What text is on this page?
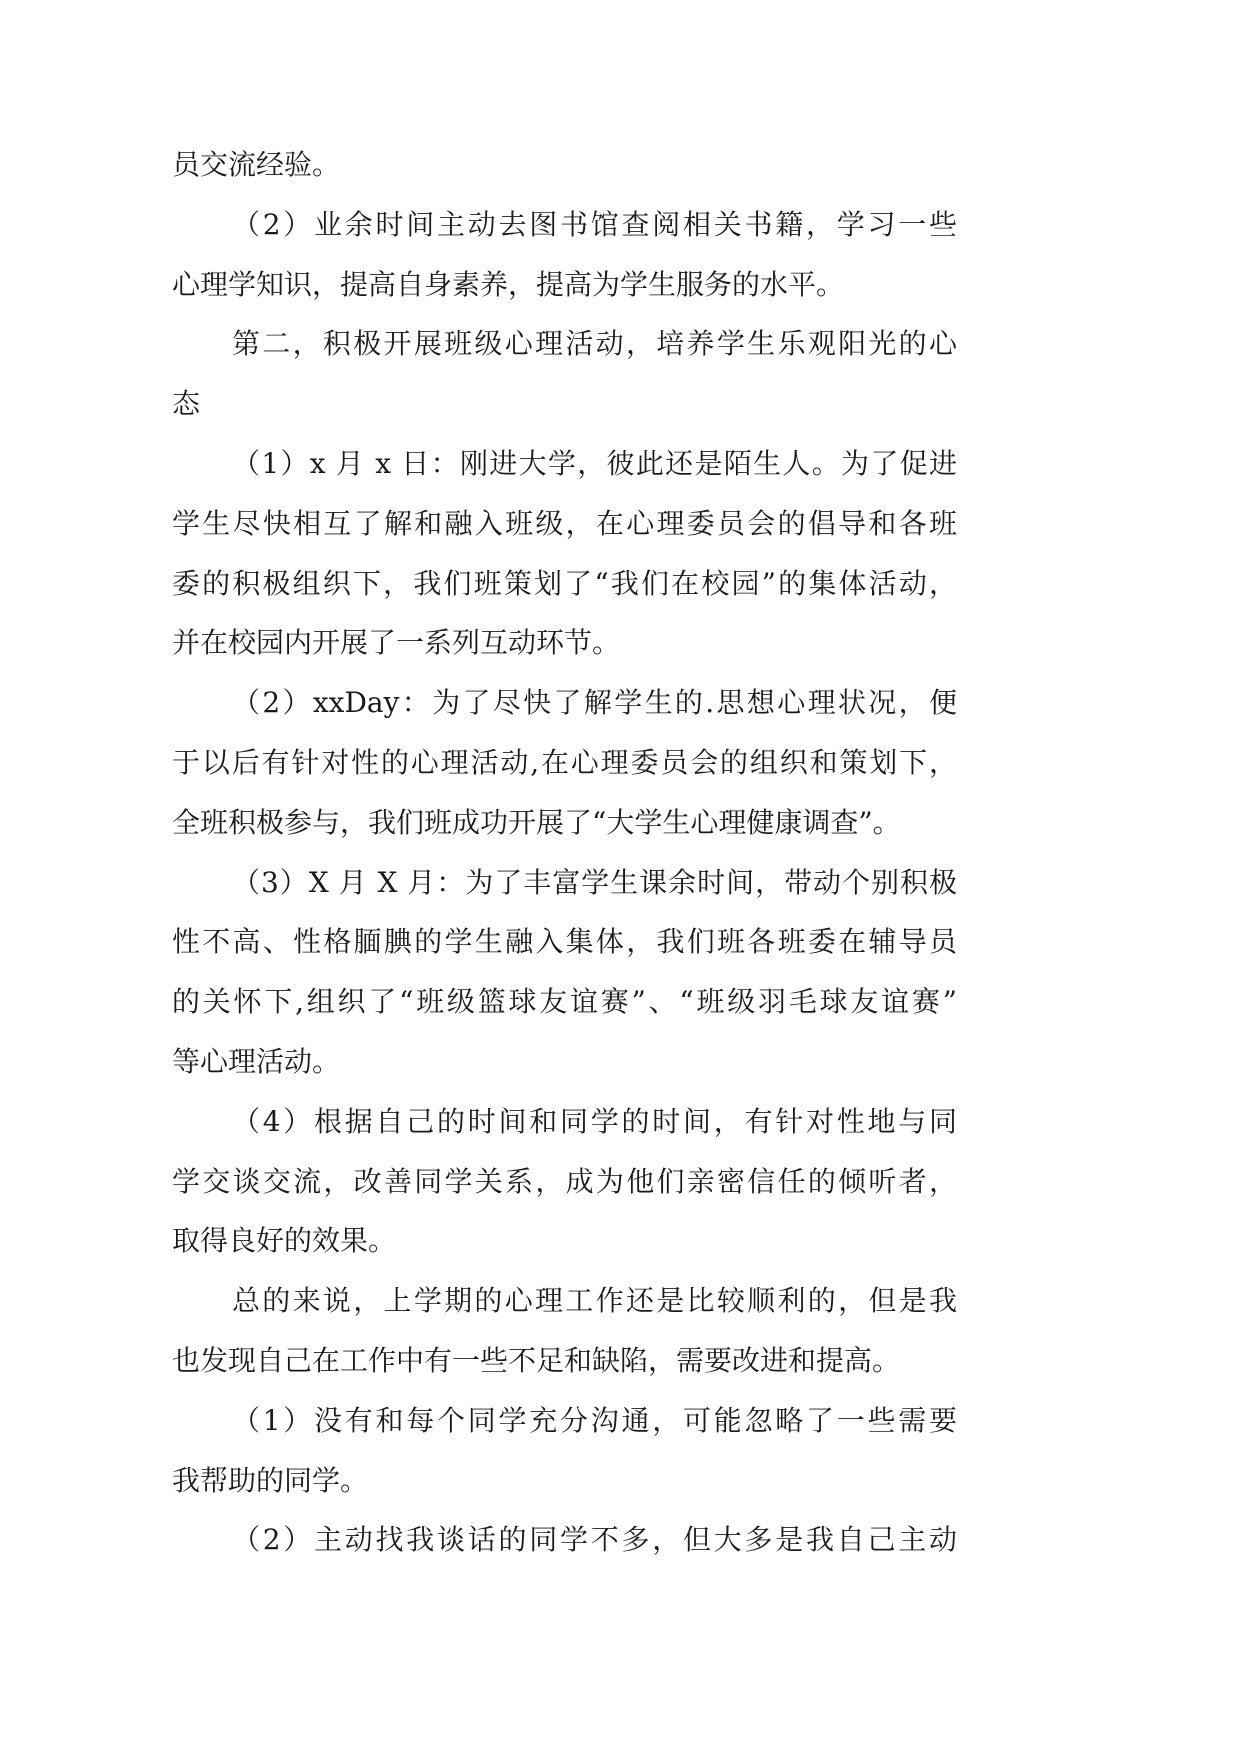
员交流经验。
（2）业余时间主动去图书馆查阅相关书籍，学习一些
心理学知识，提高自身素养，提高为学生服务的水平。
第二，积极开展班级心理活动，培养学生乐观阳光的心
态
（1）x 月 x 日：刚进大学，彼此还是陌生人。为了促进
学生尽快相互了解和融入班级，在心理委员会的倡导和各班
委的积极组织下，我们班策划了“我们在校园”的集体活动，
并在校园内开展了一系列互动环节。
（2）xxDay：为了尽快了解学生的.思想心理状况，便
于以后有针对性的心理活动,在心理委员会的组织和策划下，
全班积极参与，我们班成功开展了“大学生心理健康调查”。
（3）X 月 X 月：为了丰富学生课余时间，带动个别积极
性不高、性格腼腆的学生融入集体，我们班各班委在辅导员
的关怀下,组织了“班级篮球友谊赛”、“班级羽毛球友谊赛”
等心理活动。
（4）根据自己的时间和同学的时间，有针对性地与同
学交谈交流，改善同学关系，成为他们亲密信任的倾听者，
取得良好的效果。
总的来说，上学期的心理工作还是比较顺利的，但是我
也发现自己在工作中有一些不足和缺陷，需要改进和提高。
（1）没有和每个同学充分沟通，可能忽略了一些需要
我帮助的同学。
（2）主动找我谈话的同学不多，但大多是我自己主动
